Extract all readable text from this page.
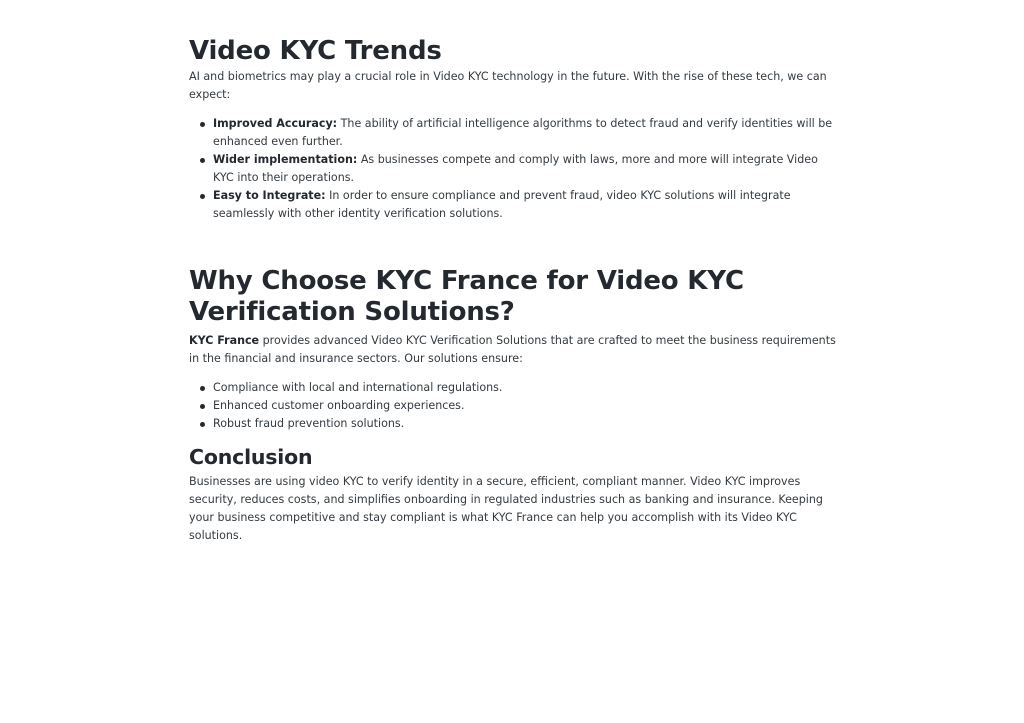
Video KYC Trends

AI and biometrics may play a crucial role in Video KYC technology in the future. With the rise of these tech, we can expect:

Improved Accuracy: The ability of artificial intelligence algorithms to detect fraud and verify identities will be enhanced even further.
Wider implementation: As businesses compete and comply with laws, more and more will integrate Video KYC into their operations.
Easy to Integrate: In order to ensure compliance and prevent fraud, video KYC solutions will integrate seamlessly with other identity verification solutions.
Why Choose KYC France for Video KYC Verification Solutions?

KYC France provides advanced Video KYC Verification Solutions that are crafted to meet the business requirements in the financial and insurance sectors. Our solutions ensure:

Compliance with local and international regulations.
Enhanced customer onboarding experiences.
Robust fraud prevention solutions.
Conclusion

Businesses are using video KYC to verify identity in a secure, efficient, compliant manner. Video KYC improves security, reduces costs, and simplifies onboarding in regulated industries such as banking and insurance. Keeping your business competitive and stay compliant is what KYC France can help you accomplish with its Video KYC solutions.
